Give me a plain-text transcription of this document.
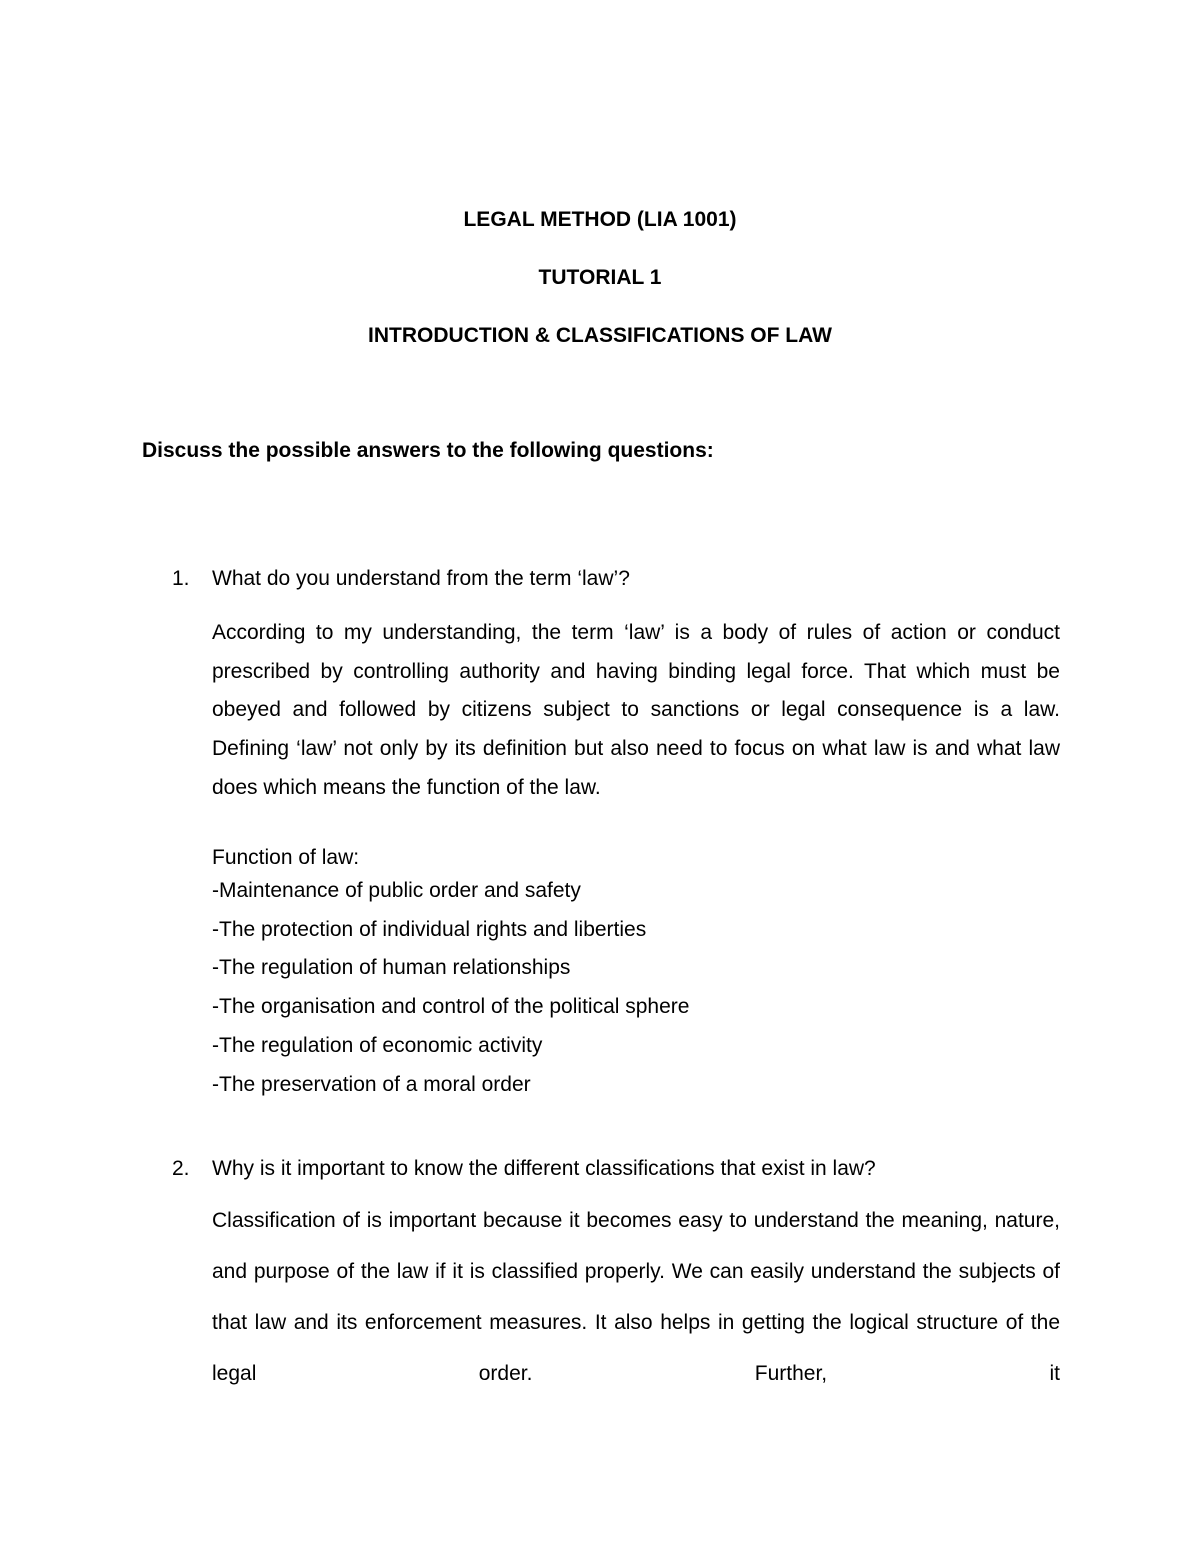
LEGAL METHOD (LIA 1001)
TUTORIAL 1
INTRODUCTION & CLASSIFICATIONS OF LAW
Discuss the possible answers to the following questions:
1. What do you understand from the term ‘law’?
According to my understanding, the term ‘law’ is a body of rules of action or conduct prescribed by controlling authority and having binding legal force. That which must be obeyed and followed by citizens subject to sanctions or legal consequence is a law. Defining ‘law’ not only by its definition but also need to focus on what law is and what law does which means the function of the law.
Function of law:
-Maintenance of public order and safety
-The protection of individual rights and liberties
-The regulation of human relationships
-The organisation and control of the political sphere
-The regulation of economic activity
-The preservation of a moral order
2. Why is it important to know the different classifications that exist in law?
Classification of is important because it becomes easy to understand the meaning, nature, and purpose of the law if it is classified properly. We can easily understand the subjects of that law and its enforcement measures. It also helps in getting the logical structure of the legal order. Further, it
